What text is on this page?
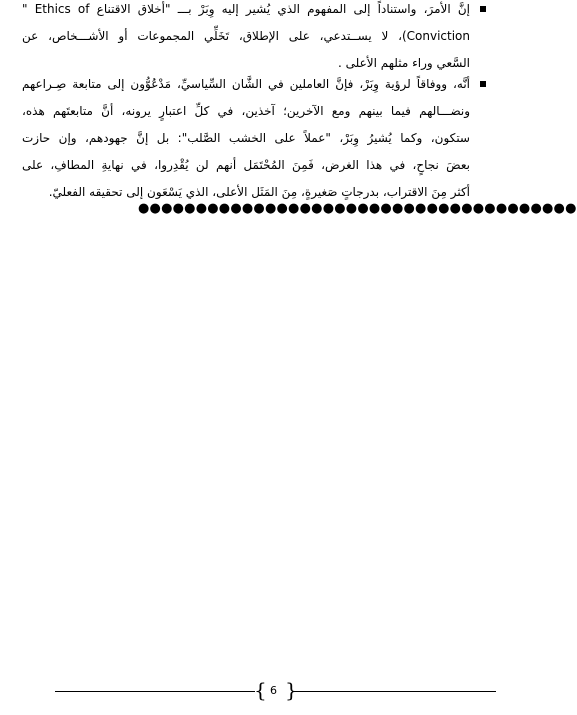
إنَّ الأمرَ، واستناداً إلى المفهوم الذي يُشير إليه وِبَرْ بـــ "أخلاق الاقتناع Ethics of "
Conviction)، لا يســتدعي، على الإطلاق، تَخَلِّي المجموعات أو الأشـــخاص، عن
السَّعي وراء مثلهم الأعلى .
أنَّه، ووفاقاً لرؤية وِبَرْ، فإنَّ العاملين في الشَّان السِّياسيِّ، مَدْعُوُّون إلى متابعة صِـراعهم
ونضـــالهم فيما بينهم ومع الآخرين؛ آخذين، في كلِّ اعتبارٍ يرونه، أنَّ متابعتَهم هذه،
ستكون، وكما يُشيرُ وِبَرْ، "عملاً على الخشب الصَّلب": بل إنَّ جهودهم، وإن حازت
بعضَ نجاحٍ، في هذا الغرض، فَمِنَ المُحْتَمَل أنهم لن يُقْدِروا، في نهايةِ المطافِ، على
أكثر مِنَ الاقتراب، بدرجاتٍ صَغيرةٍ، مِنَ المَثَل الأعلى، الذي يَسْعَون إلى تحقيقه الفعليّ.
●●●●●●●●●●●●●●●●●●●●●●●●●●●●●●●●●●●●●●
{ }
6
